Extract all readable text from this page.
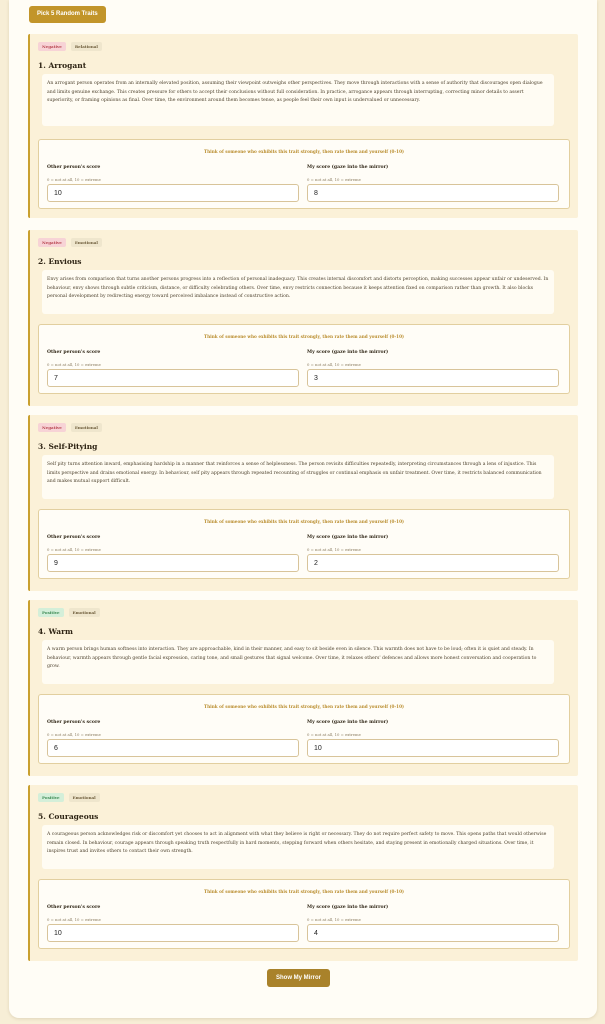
Pick 5 Random Traits
Negative	Relational
1. Arrogant
An arrogant person operates from an internally elevated position, assuming their viewpoint outweighs other perspectives. They move through interactions with a sense of authority that discourages open dialogue and limits genuine exchange. This creates pressure for others to accept their conclusions without full consideration. In practice, arrogance appears through interrupting, correcting minor details to assert superiority, or framing opinions as final. Over time, the environment around them becomes tense, as people feel their own input is undervalued or unnecessary.
Think of someone who exhibits this trait strongly, then rate them and yourself (0-10)
Other person's score	My score (gaze into the mirror)
0 = not at all, 10 = extreme	0 = not at all, 10 = extreme
10	8
Negative	Emotional
2. Envious
Envy arises from comparison that turns another persons progress into a reflection of personal inadequacy. This creates internal discomfort and distorts perception, making successes appear unfair or undeserved. In behaviour, envy shows through subtle criticism, distance, or difficulty celebrating others. Over time, envy restricts connection because it keeps attention fixed on comparison rather than growth. It also blocks personal development by redirecting energy toward perceived imbalance instead of constructive action.
Think of someone who exhibits this trait strongly, then rate them and yourself (0-10)
Other person's score	My score (gaze into the mirror)
0 = not at all, 10 = extreme	0 = not at all, 10 = extreme
7	3
Negative	Emotional
3. Self-Pitying
Self pity turns attention inward, emphasising hardship in a manner that reinforces a sense of helplessness. The person revisits difficulties repeatedly, interpreting circumstances through a lens of injustice. This limits perspective and drains emotional energy. In behaviour, self pity appears through repeated recounting of struggles or continual emphasis on unfair treatment. Over time, it restricts balanced communication and makes mutual support difficult.
Think of someone who exhibits this trait strongly, then rate them and yourself (0-10)
Other person's score	My score (gaze into the mirror)
0 = not at all, 10 = extreme	0 = not at all, 10 = extreme
9	2
Positive	Emotional
4. Warm
A warm person brings human softness into interaction. They are approachable, kind in their manner, and easy to sit beside even in silence. This warmth does not have to be loud; often it is quiet and steady. In behaviour, warmth appears through gentle facial expression, caring tone, and small gestures that signal welcome. Over time, it relaxes others' defences and allows more honest conversation and cooperation to grow.
Think of someone who exhibits this trait strongly, then rate them and yourself (0-10)
Other person's score	My score (gaze into the mirror)
0 = not at all, 10 = extreme	0 = not at all, 10 = extreme
6	10
Positive	Emotional
5. Courageous
A courageous person acknowledges risk or discomfort yet chooses to act in alignment with what they believe is right or necessary. They do not require perfect safety to move. This opens paths that would otherwise remain closed. In behaviour, courage appears through speaking truth respectfully in hard moments, stepping forward when others hesitate, and staying present in emotionally charged situations. Over time, it inspires trust and invites others to contact their own strength.
Think of someone who exhibits this trait strongly, then rate them and yourself (0-10)
Other person's score	My score (gaze into the mirror)
0 = not at all, 10 = extreme	0 = not at all, 10 = extreme
10	4
Show My Mirror
